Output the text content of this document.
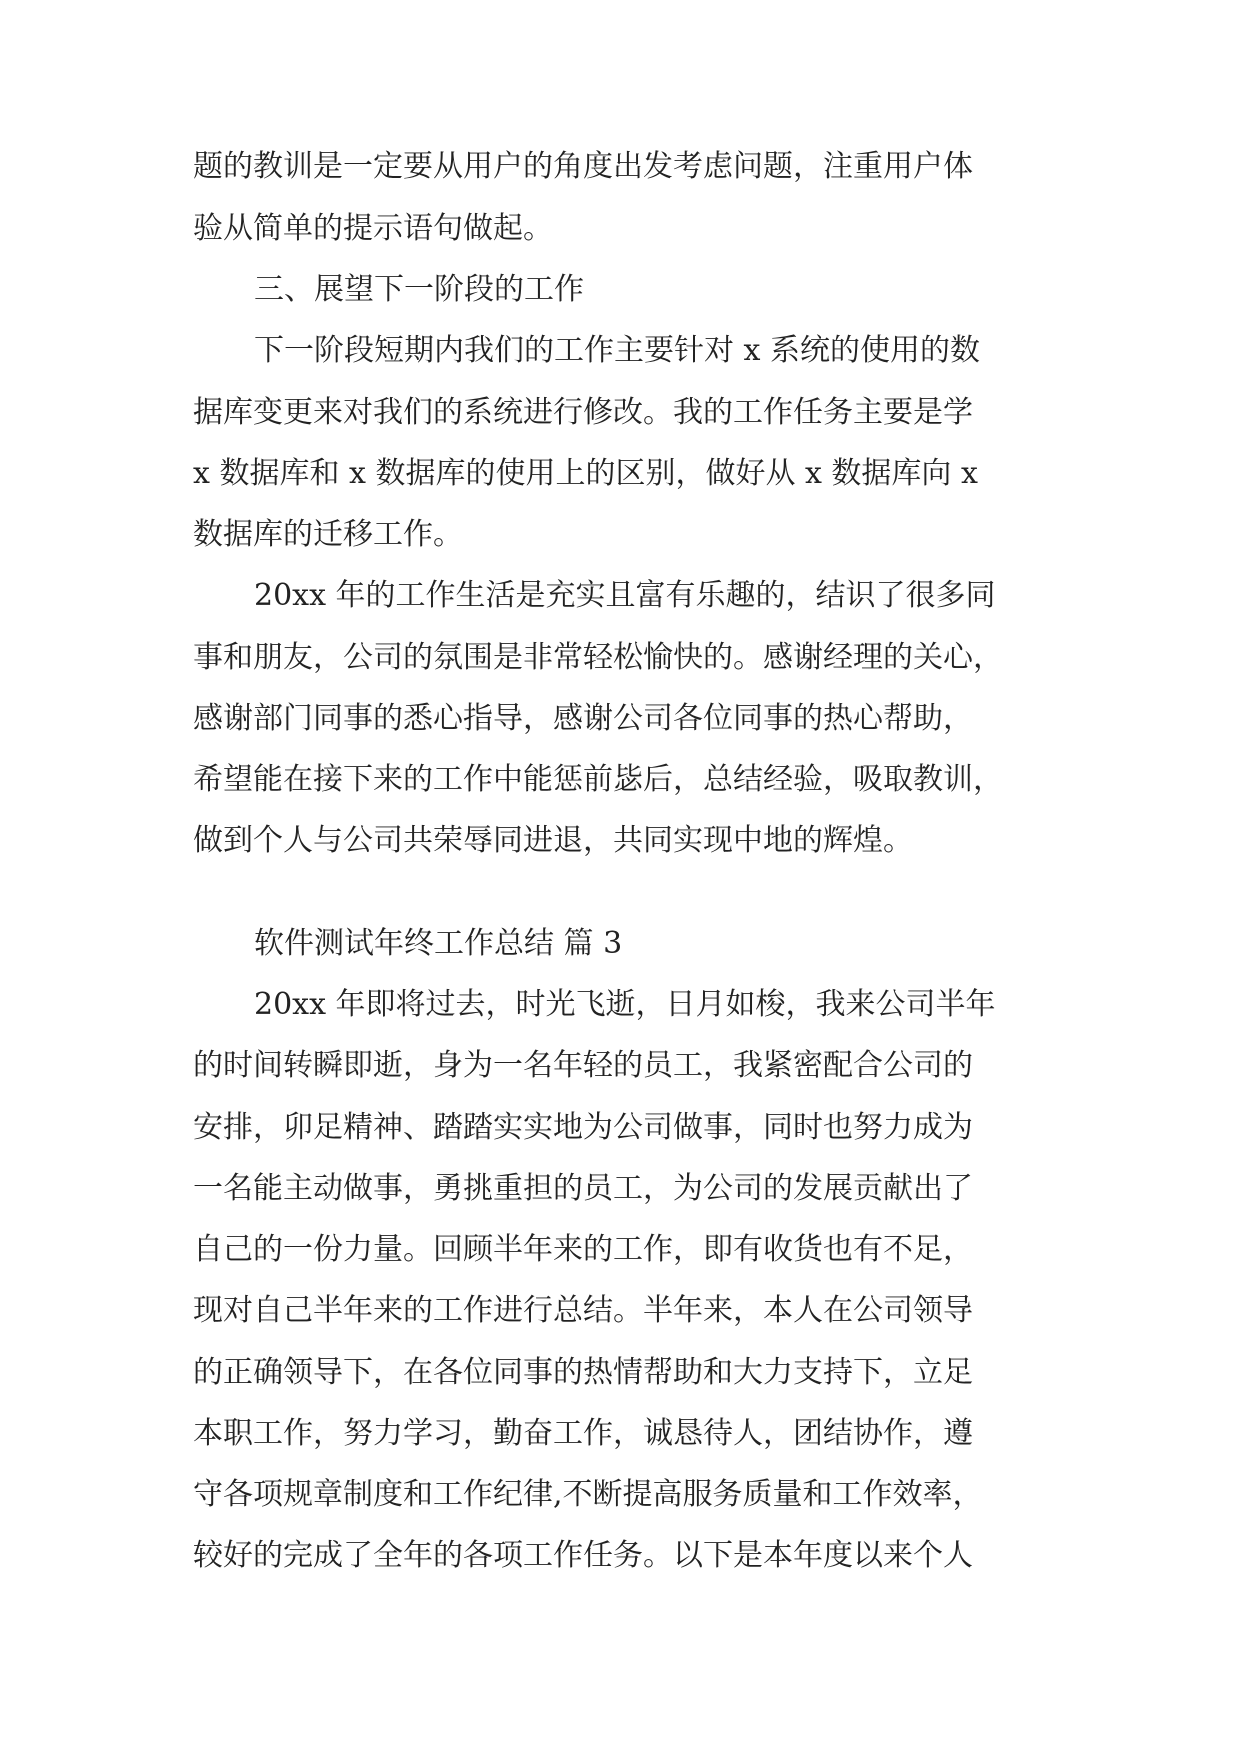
题的教训是一定要从用户的角度出发考虑问题，注重用户体
验从简单的提示语句做起。
三、展望下一阶段的工作
下一阶段短期内我们的工作主要针对 x 系统的使用的数
据库变更来对我们的系统进行修改。我的工作任务主要是学
x 数据库和 x 数据库的使用上的区别，做好从 x 数据库向 x
数据库的迁移工作。
20xx 年的工作生活是充实且富有乐趣的，结识了很多同
事和朋友，公司的氛围是非常轻松愉快的。感谢经理的关心，
感谢部门同事的悉心指导，感谢公司各位同事的热心帮助，
希望能在接下来的工作中能惩前毖后，总结经验，吸取教训，
做到个人与公司共荣辱同进退，共同实现中地的辉煌。
软件测试年终工作总结 篇 3
20xx 年即将过去，时光飞逝，日月如梭，我来公司半年
的时间转瞬即逝，身为一名年轻的员工，我紧密配合公司的
安排，卯足精神、踏踏实实地为公司做事，同时也努力成为
一名能主动做事，勇挑重担的员工，为公司的发展贡献出了
自己的一份力量。回顾半年来的工作，即有收货也有不足，
现对自己半年来的工作进行总结。半年来，本人在公司领导
的正确领导下，在各位同事的热情帮助和大力支持下，立足
本职工作，努力学习，勤奋工作，诚恳待人，团结协作，遵
守各项规章制度和工作纪律,不断提高服务质量和工作效率，
较好的完成了全年的各项工作任务。以下是本年度以来个人
